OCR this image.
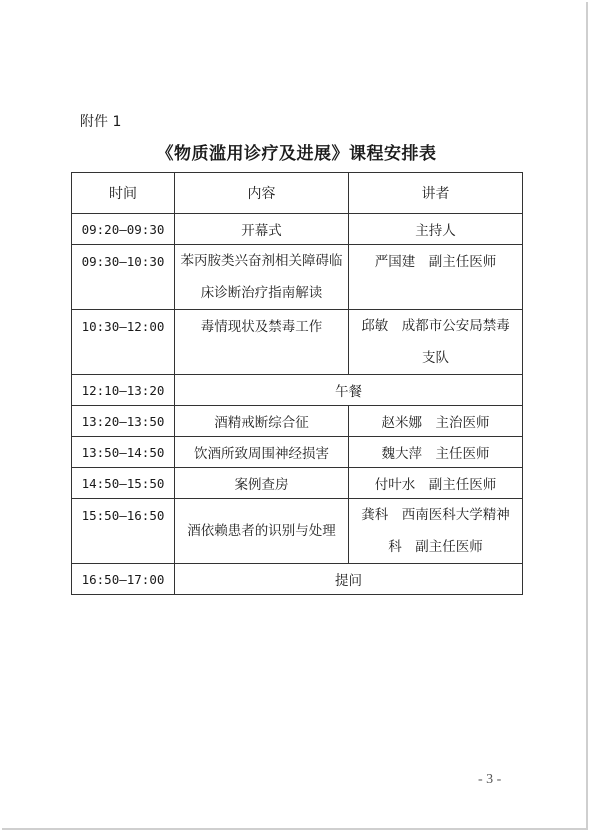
附件 1
《物质滥用诊疗及进展》课程安排表
时间	内容	讲者
09:20—09:30	开幕式	主持人
09:30—10:30	苯丙胺类兴奋剂相关障碍临床诊断治疗指南解读	严国建　副主任医师
10:30—12:00	毒情现状及禁毒工作	邱敏　成都市公安局禁毒支队
12:10—13:20	午餐	
13:20—13:50	酒精戒断综合征	赵米娜　主治医师
13:50—14:50	饮酒所致周围神经损害	魏大萍　主任医师
14:50—15:50	案例查房	付叶水　副主任医师
15:50—16:50	酒依赖患者的识别与处理	龚科　西南医科大学精神科　副主任医师
16:50—17:00	提问	
- 3 -
